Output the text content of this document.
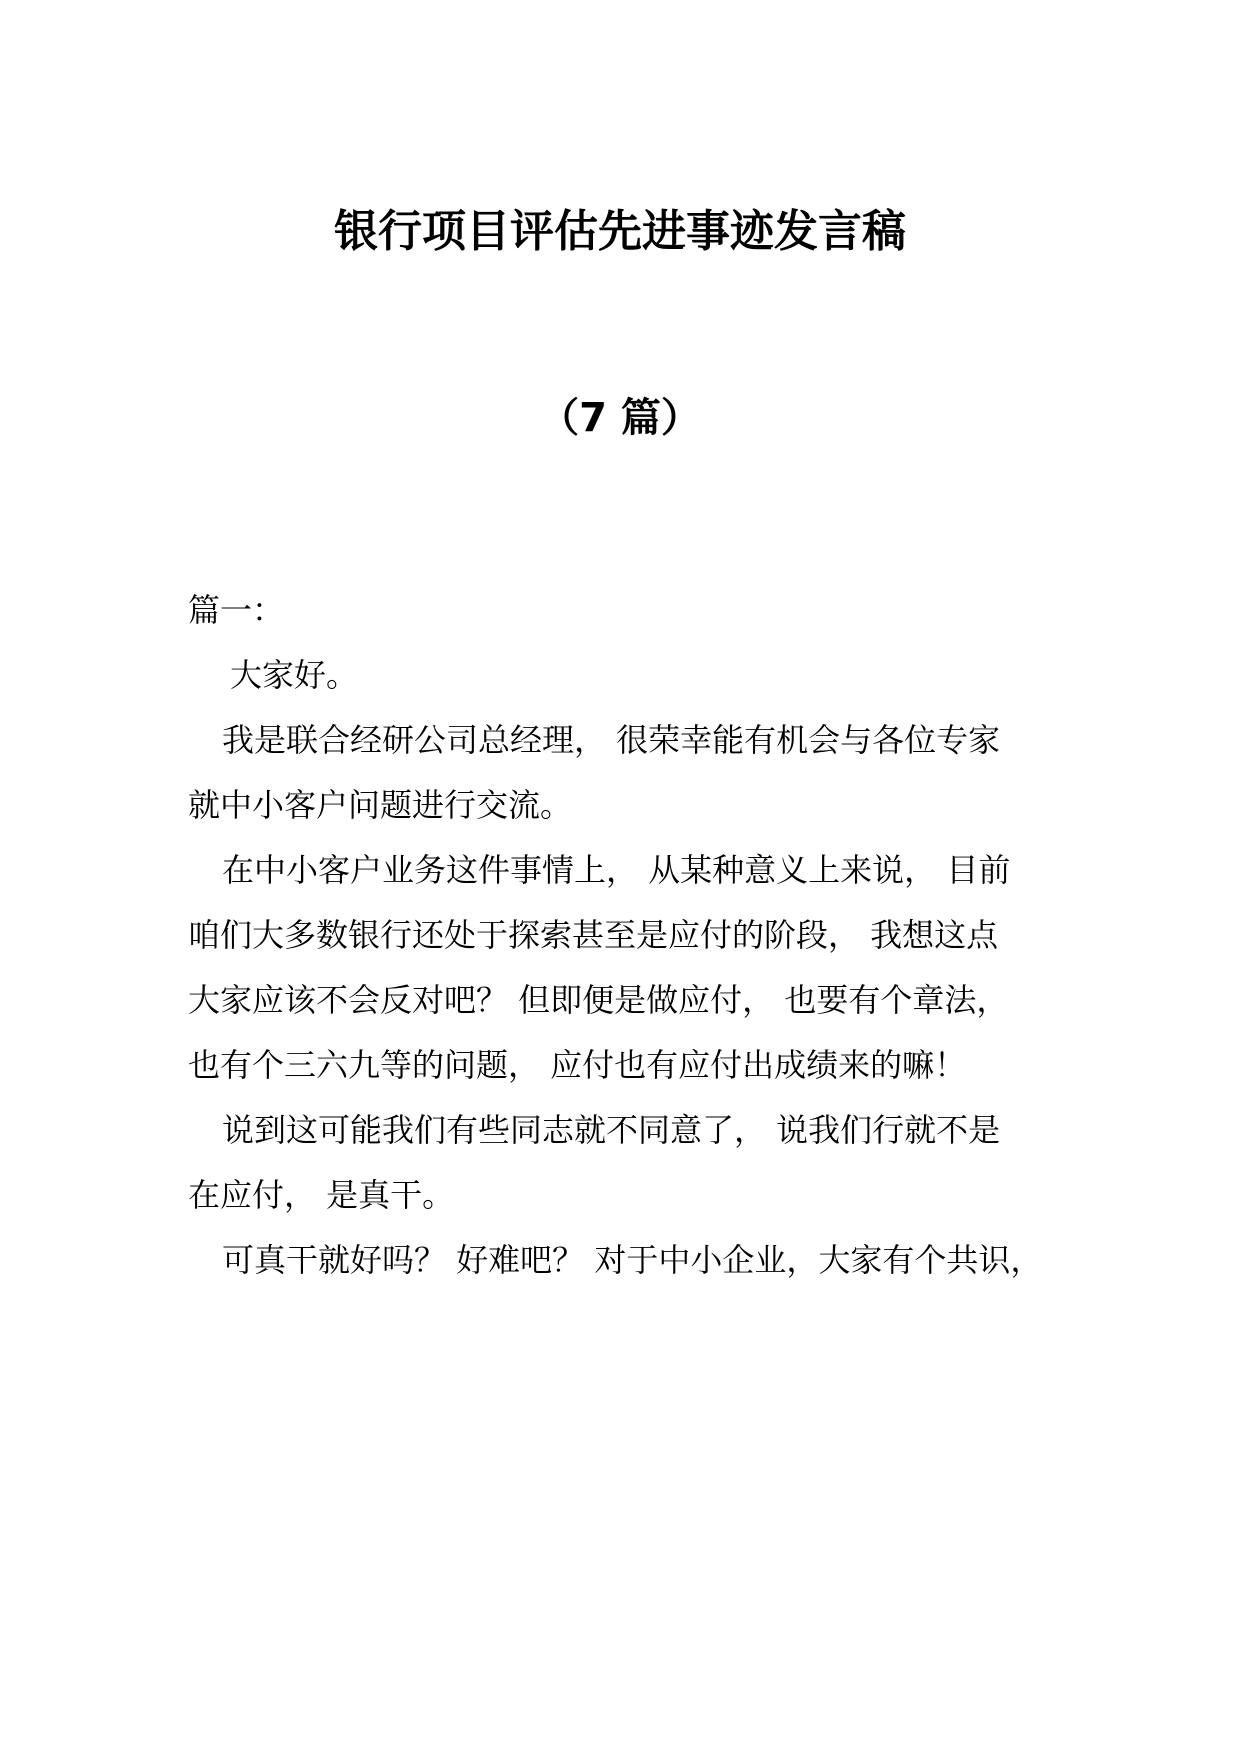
银行项目评估先进事迹发言稿
（7 篇）
篇一：
大家好。
我是联合经研公司总经理， 很荣幸能有机会与各位专家
就中小客户问题进行交流。
在中小客户业务这件事情上， 从某种意义上来说， 目前
咱们大多数银行还处于探索甚至是应付的阶段， 我想这点
大家应该不会反对吧？ 但即便是做应付， 也要有个章法，
也有个三六九等的问题， 应付也有应付出成绩来的嘛！
说到这可能我们有些同志就不同意了， 说我们行就不是
在应付， 是真干。
可真干就好吗？ 好难吧？ 对于中小企业，大家有个共识，
